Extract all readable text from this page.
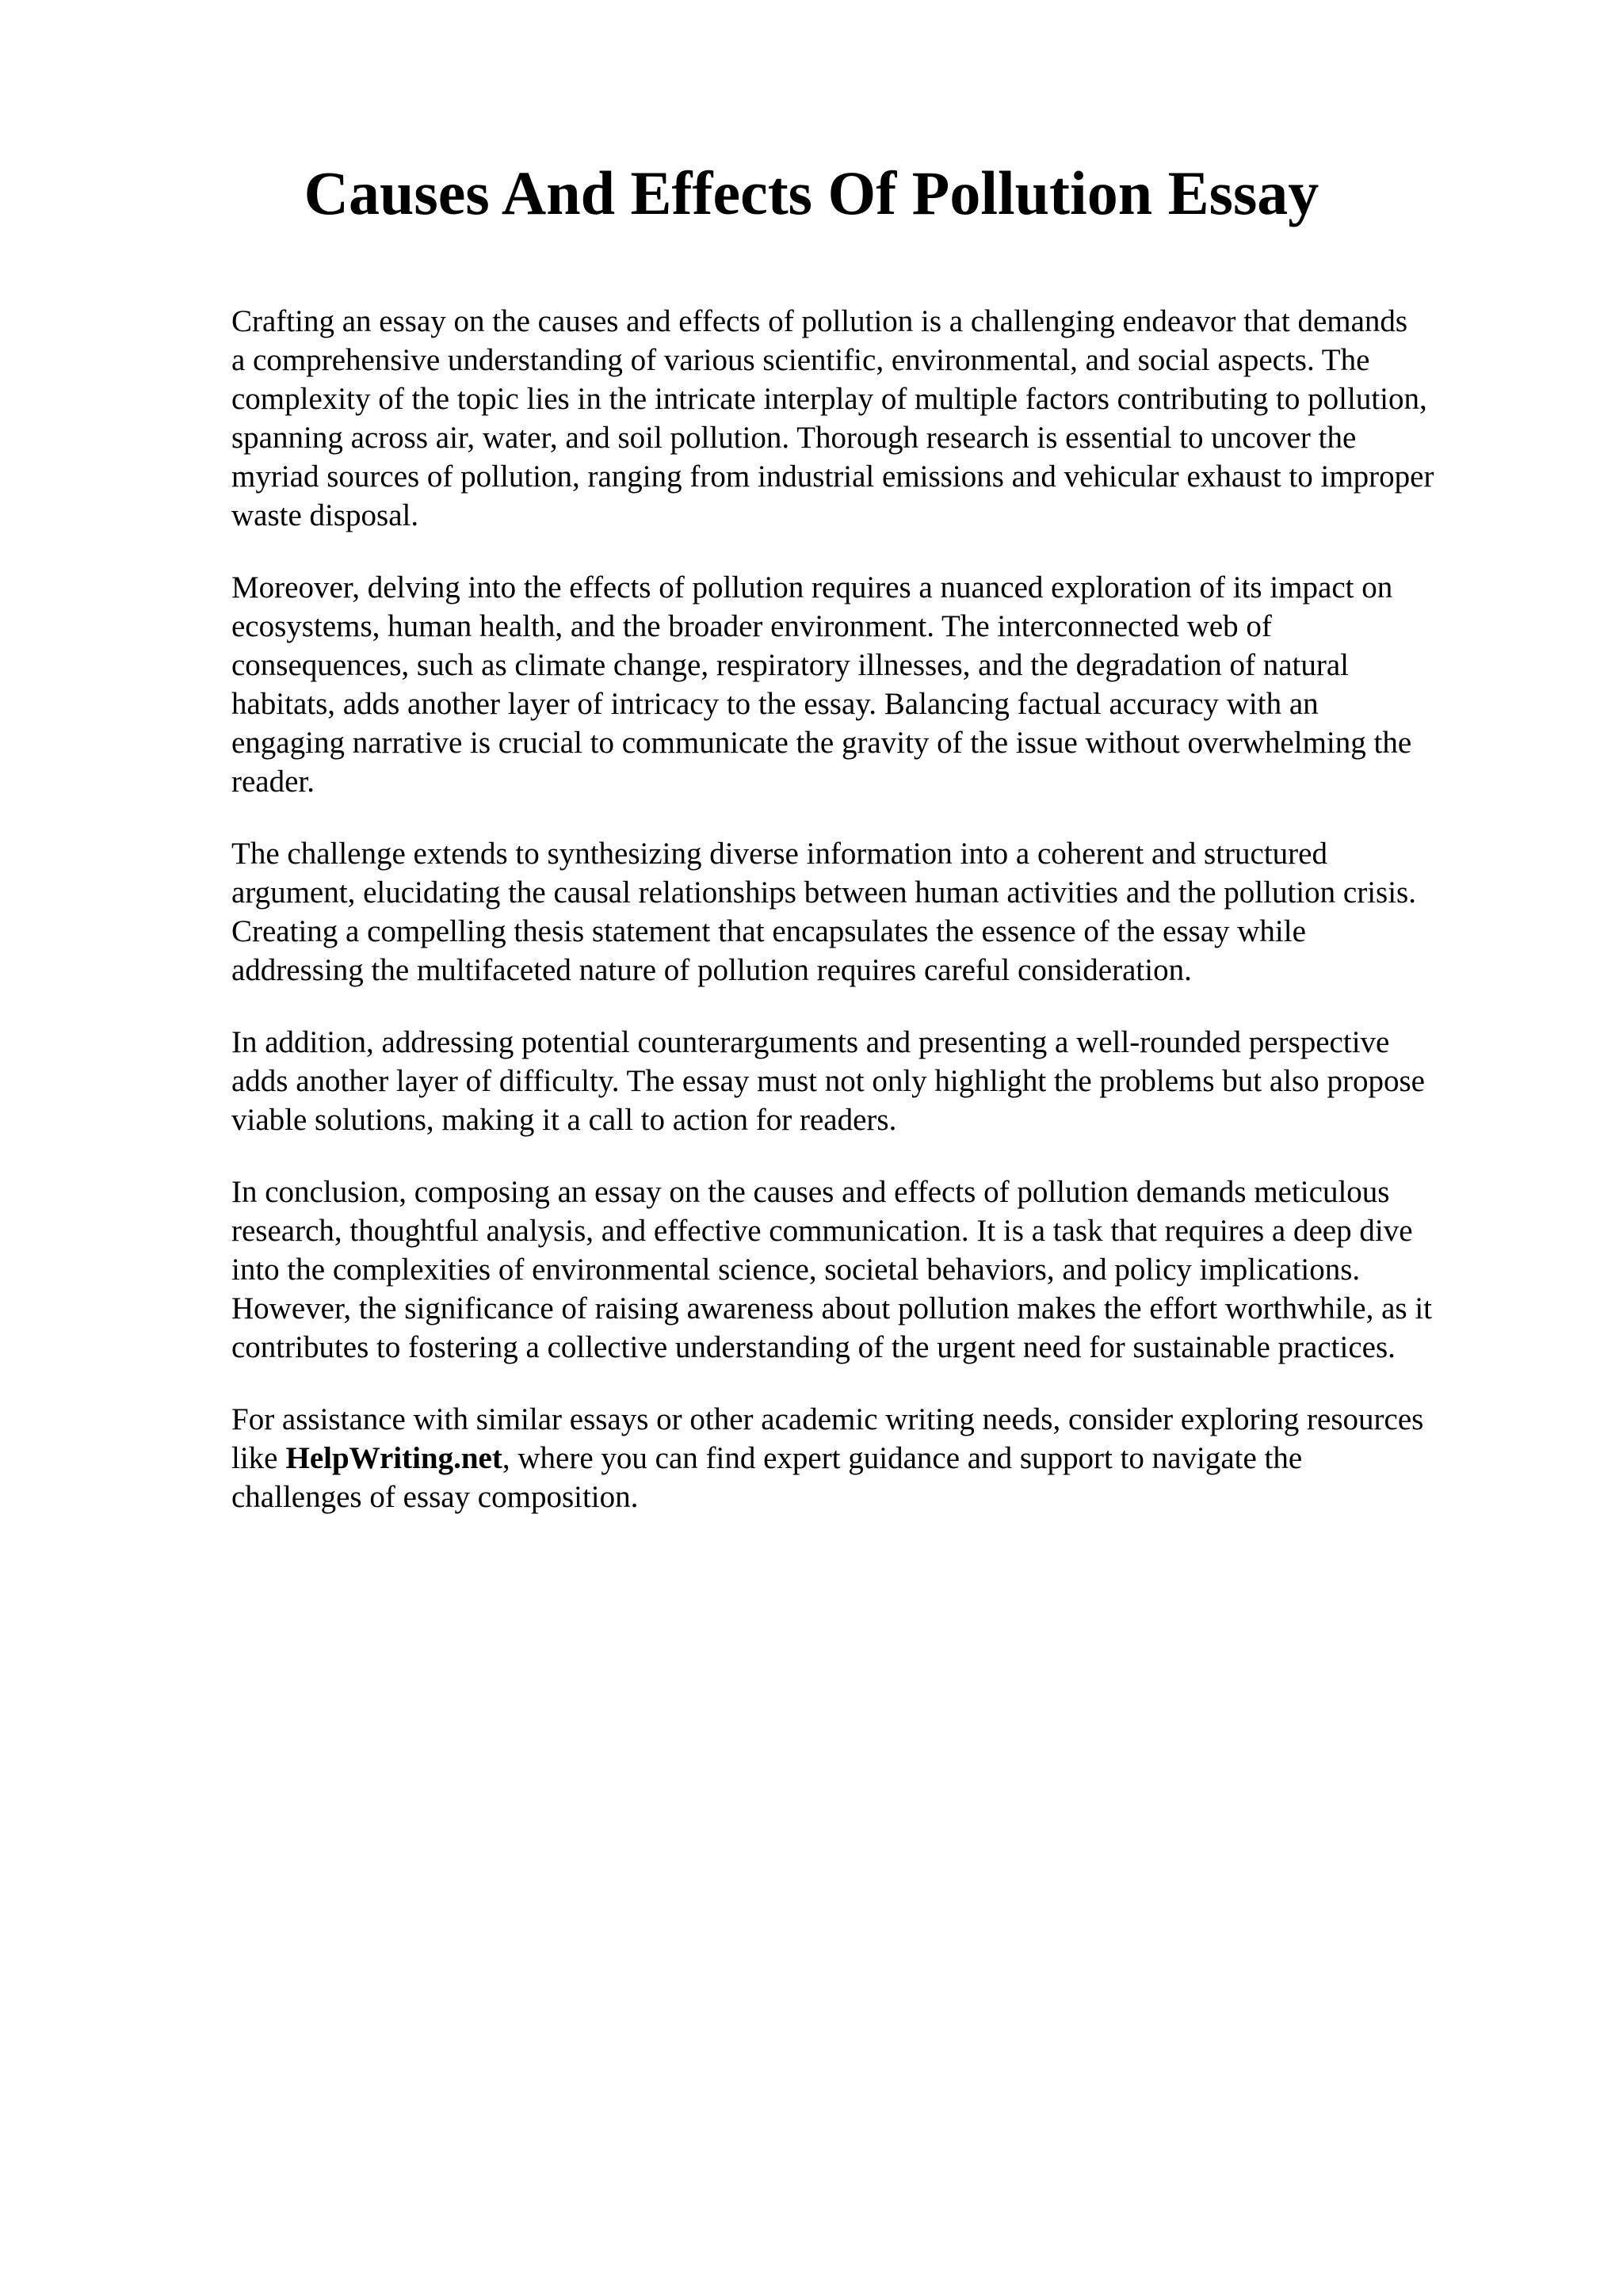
Causes And Effects Of Pollution Essay

Crafting an essay on the causes and effects of pollution is a challenging endeavor that demands
a comprehensive understanding of various scientific, environmental, and social aspects. The
complexity of the topic lies in the intricate interplay of multiple factors contributing to pollution,
spanning across air, water, and soil pollution. Thorough research is essential to uncover the
myriad sources of pollution, ranging from industrial emissions and vehicular exhaust to improper
waste disposal.

Moreover, delving into the effects of pollution requires a nuanced exploration of its impact on
ecosystems, human health, and the broader environment. The interconnected web of
consequences, such as climate change, respiratory illnesses, and the degradation of natural
habitats, adds another layer of intricacy to the essay. Balancing factual accuracy with an
engaging narrative is crucial to communicate the gravity of the issue without overwhelming the
reader.

The challenge extends to synthesizing diverse information into a coherent and structured
argument, elucidating the causal relationships between human activities and the pollution crisis.
Creating a compelling thesis statement that encapsulates the essence of the essay while
addressing the multifaceted nature of pollution requires careful consideration.

In addition, addressing potential counterarguments and presenting a well-rounded perspective
adds another layer of difficulty. The essay must not only highlight the problems but also propose
viable solutions, making it a call to action for readers.

In conclusion, composing an essay on the causes and effects of pollution demands meticulous
research, thoughtful analysis, and effective communication. It is a task that requires a deep dive
into the complexities of environmental science, societal behaviors, and policy implications.
However, the significance of raising awareness about pollution makes the effort worthwhile, as it
contributes to fostering a collective understanding of the urgent need for sustainable practices.

For assistance with similar essays or other academic writing needs, consider exploring resources
like HelpWriting.net, where you can find expert guidance and support to navigate the
challenges of essay composition.
